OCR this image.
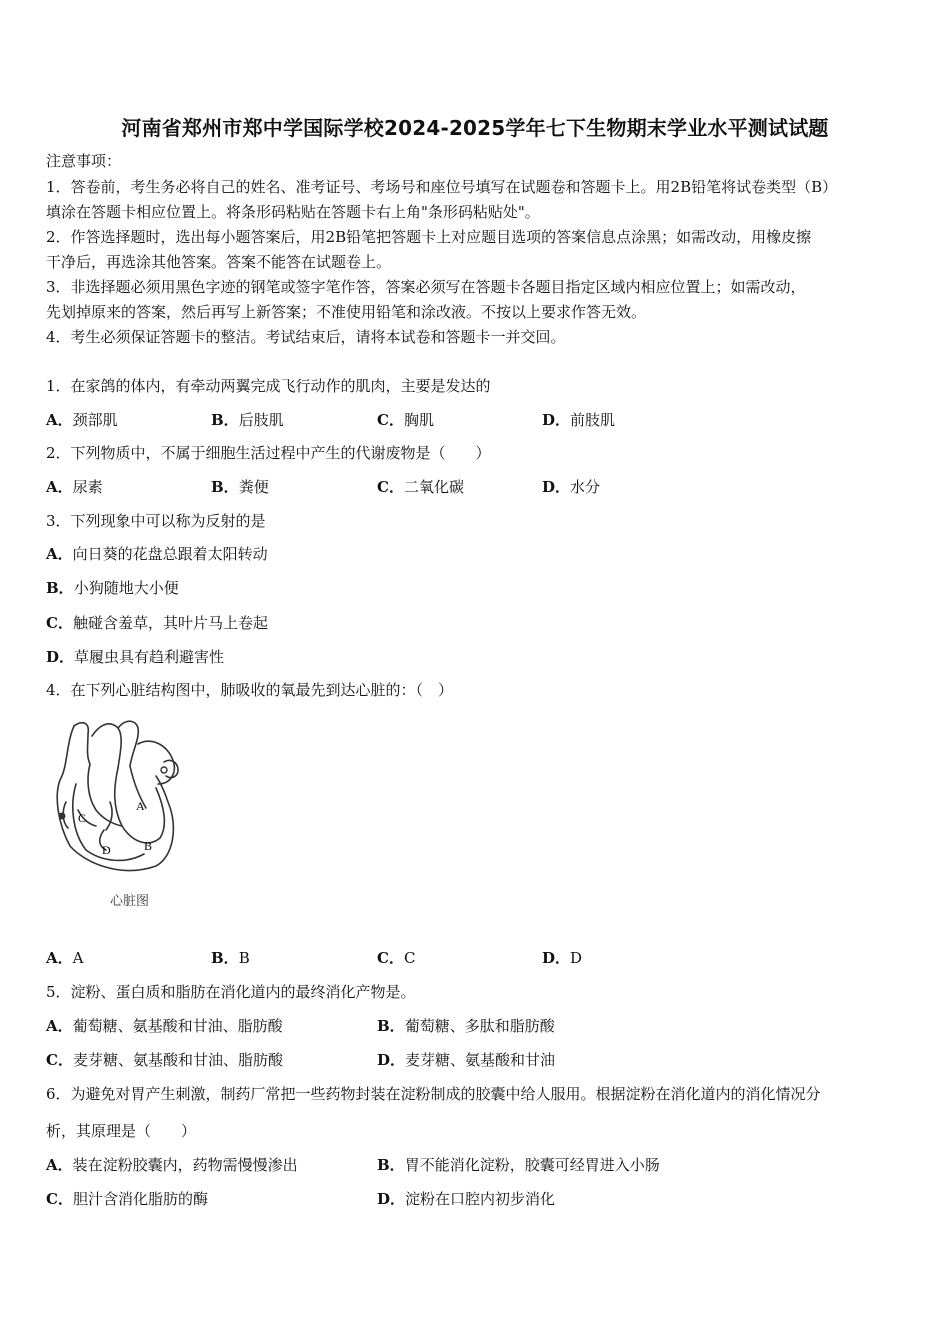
河南省郑州市郑中学国际学校2024-2025学年七下生物期末学业水平测试试题
注意事项：
1．答卷前，考生务必将自己的姓名、准考证号、考场号和座位号填写在试题卷和答题卡上。用2B铅笔将试卷类型（B）
填涂在答题卡相应位置上。将条形码粘贴在答题卡右上角"条形码粘贴处"。
2．作答选择题时，选出每小题答案后，用2B铅笔把答题卡上对应题目选项的答案信息点涂黑；如需改动，用橡皮擦
干净后，再选涂其他答案。答案不能答在试题卷上。
3．非选择题必须用黑色字迹的钢笔或签字笔作答，答案必须写在答题卡各题目指定区域内相应位置上；如需改动，
先划掉原来的答案，然后再写上新答案；不准使用铅笔和涂改液。不按以上要求作答无效。
4．考生必须保证答题卡的整洁。考试结束后，请将本试卷和答题卡一并交回。
1．在家鸽的体内，有牵动两翼完成飞行动作的肌肉，主要是发达的
A．颈部肌	B．后肢肌	C．胸肌	D．前肢肌
2．下列物质中，不属于细胞生活过程中产生的代谢废物是（　　）
A．尿素	B．粪便	C．二氧化碳	D．水分
3．下列现象中可以称为反射的是
A．向日葵的花盘总跟着太阳转动
B．小狗随地大小便
C．触碰含羞草，其叶片马上卷起
D．草履虫具有趋利避害性
4．在下列心脏结构图中，肺吸收的氧最先到达心脏的：（　）
A
B
C
D
心脏图
A．A	B．B	C．C	D．D
5．淀粉、蛋白质和脂肪在消化道内的最终消化产物是。
A．葡萄糖、氨基酸和甘油、脂肪酸	B．葡萄糖、多肽和脂肪酸
C．麦芽糖、氨基酸和甘油、脂肪酸	D．麦芽糖、氨基酸和甘油
6．为避免对胃产生刺激，制药厂常把一些药物封装在淀粉制成的胶囊中给人服用。根据淀粉在消化道内的消化情况分
析，其原理是（　　）
A．装在淀粉胶囊内，药物需慢慢渗出	B．胃不能消化淀粉，胶囊可经胃进入小肠
C．胆汁含消化脂肪的酶	D．淀粉在口腔内初步消化
